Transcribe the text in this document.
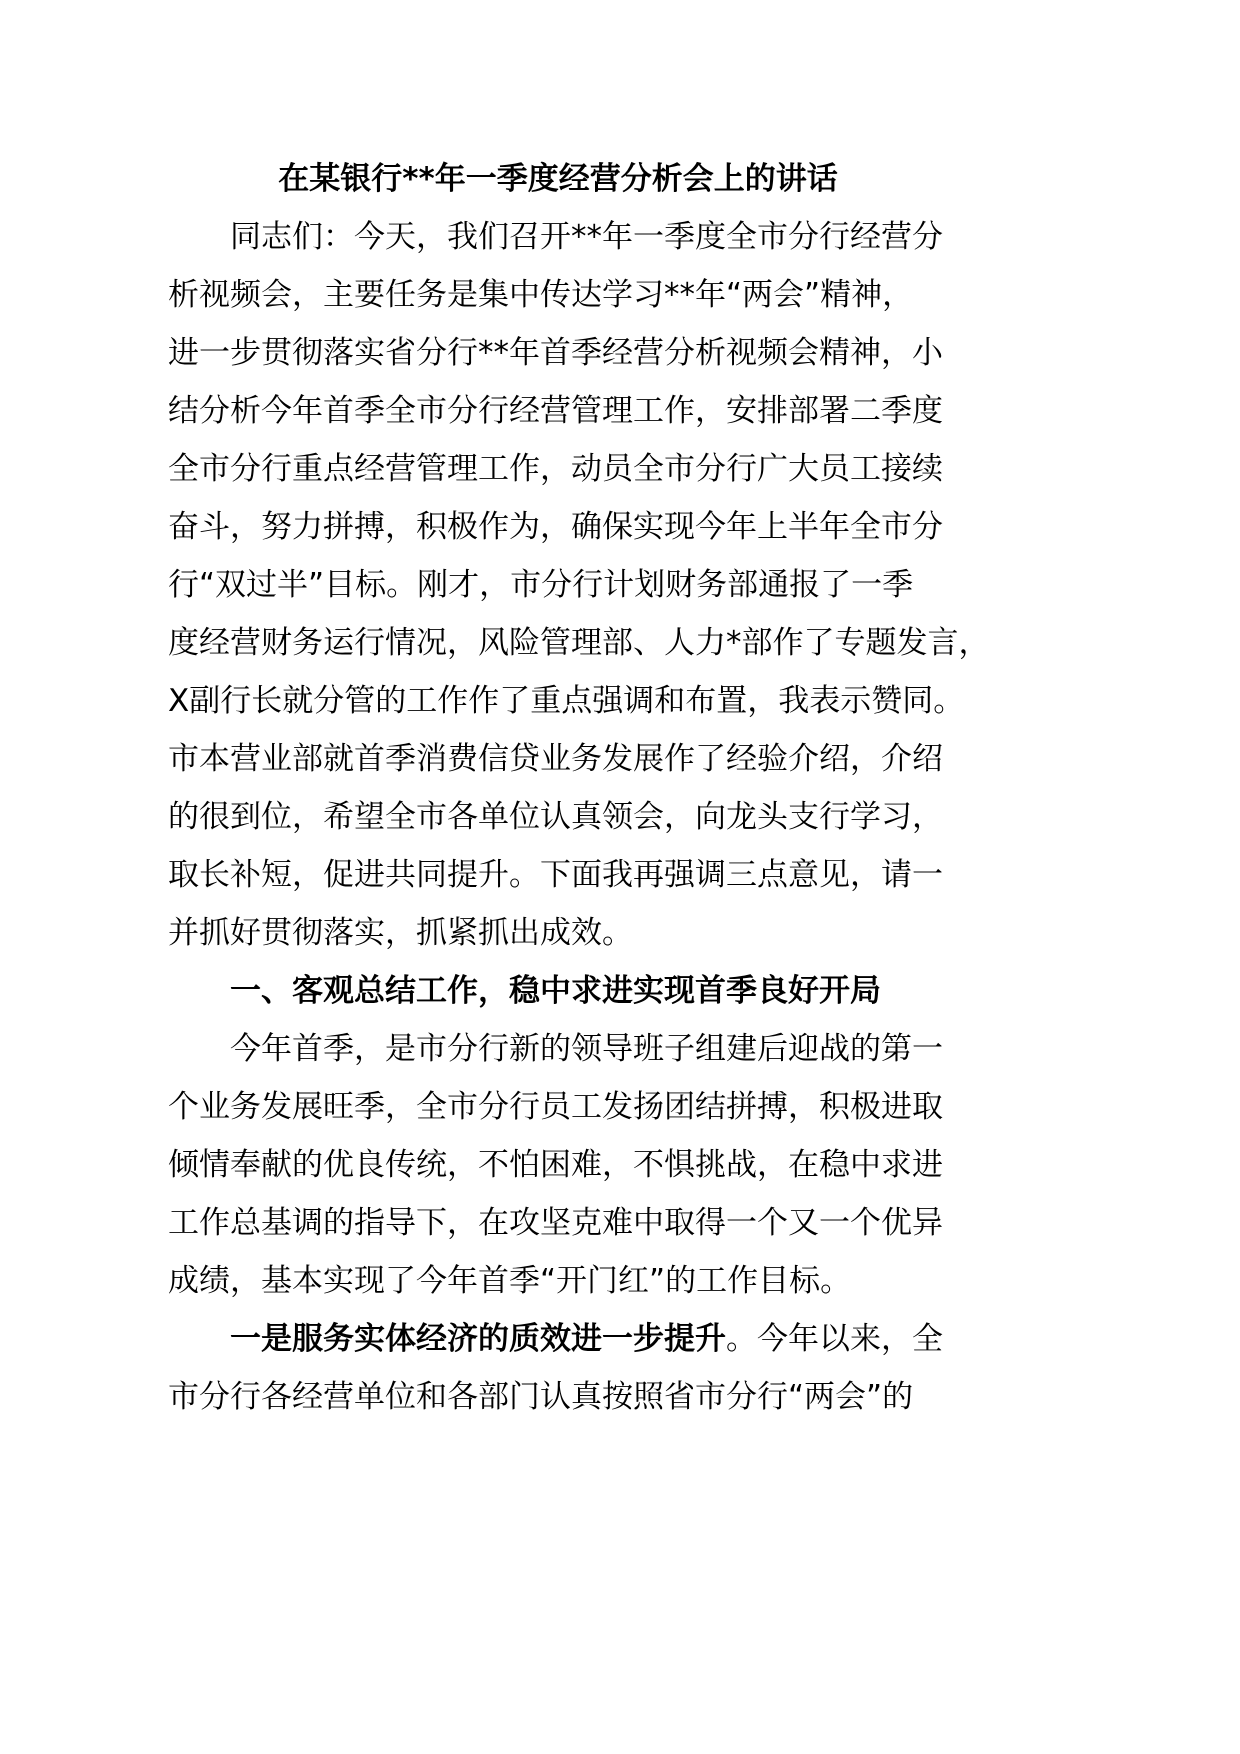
在某银行**年一季度经营分析会上的讲话
同志们：今天，我们召开**年一季度全市分行经营分
析视频会，主要任务是集中传达学习**年“两会”精神，
进一步贯彻落实省分行**年首季经营分析视频会精神，小
结分析今年首季全市分行经营管理工作，安排部署二季度
全市分行重点经营管理工作，动员全市分行广大员工接续
奋斗，努力拼搏，积极作为，确保实现今年上半年全市分
行“双过半”目标。刚才，市分行计划财务部通报了一季
度经营财务运行情况，风险管理部、人力*部作了专题发言，
X副行长就分管的工作作了重点强调和布置，我表示赞同。
市本营业部就首季消费信贷业务发展作了经验介绍，介绍
的很到位，希望全市各单位认真领会，向龙头支行学习，
取长补短，促进共同提升。下面我再强调三点意见，请一
并抓好贯彻落实，抓紧抓出成效。
一、客观总结工作，稳中求进实现首季良好开局
今年首季，是市分行新的领导班子组建后迎战的第一
个业务发展旺季，全市分行员工发扬团结拼搏，积极进取
倾情奉献的优良传统，不怕困难，不惧挑战，在稳中求进
工作总基调的指导下，在攻坚克难中取得一个又一个优异
成绩，基本实现了今年首季“开门红”的工作目标。
一是服务实体经济的质效进一步提升。今年以来，全
市分行各经营单位和各部门认真按照省市分行“两会”的
